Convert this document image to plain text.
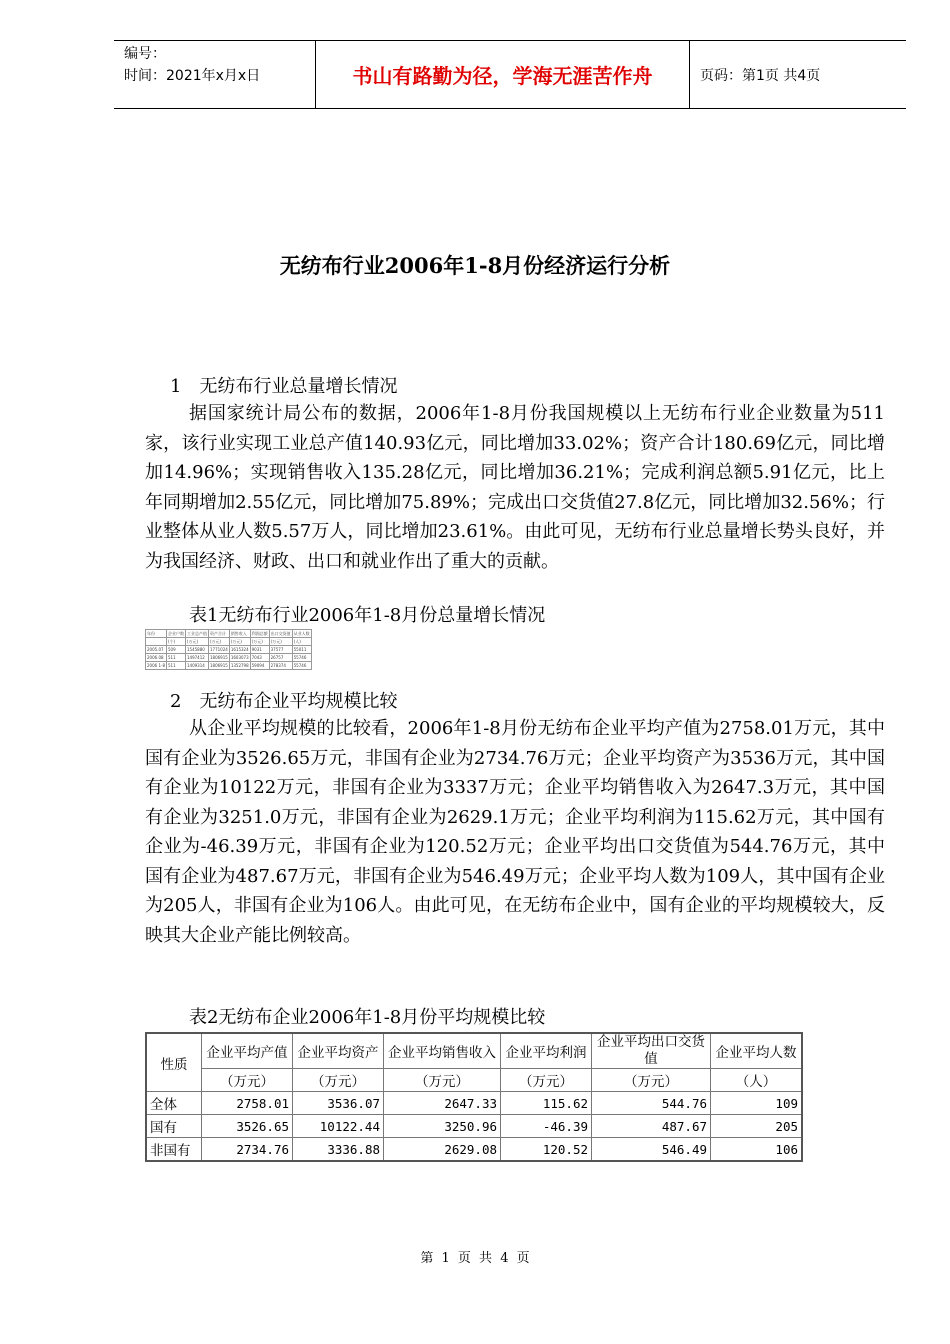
编号：
时间：2021年x月x日	书山有路勤为径，学海无涯苦作舟	页码：第1页 共4页
无纺布行业2006年1-8月份经济运行分析
1　无纺布行业总量增长情况
据国家统计局公布的数据，2006年1-8月份我国规模以上无纺布行业企业数量为511家，该行业实现工业总产值140.93亿元，同比增加33.02%；资产合计180.69亿元，同比增加14.96%；实现销售收入135.28亿元，同比增加36.21%；完成利润总额5.91亿元，比上年同期增加2.55亿元，同比增加75.89%；完成出口交货值27.8亿元，同比增加32.56%；行业整体从业人数5.57万人，同比增加23.61%。由此可见，无纺布行业总量增长势头良好，并为我国经济、财政、出口和就业作出了重大的贡献。
表1无纺布行业2006年1-8月份总量增长情况
年份	企业户数	工业总产值	资产合计	销售收入	利润总额	出口交货值	从业人数
	(个)	(万元)	(万元)	(万元)	(万元)	(万元)	(人)
2005.07	509	1545880	1771024	1615324	9031	37577	55011
2006.08	511	1497412	1806915	1603073	7043	26757	55746
2006 1-8	511	1409314	1806915	1352798	59094	278374	55746
2　无纺布企业平均规模比较
从企业平均规模的比较看，2006年1-8月份无纺布企业平均产值为2758.01万元，其中国有企业为3526.65万元，非国有企业为2734.76万元；企业平均资产为3536万元，其中国有企业为10122万元，非国有企业为3337万元；企业平均销售收入为2647.3万元，其中国有企业为3251.0万元，非国有企业为2629.1万元；企业平均利润为115.62万元，其中国有企业为-46.39万元，非国有企业为120.52万元；企业平均出口交货值为544.76万元，其中国有企业为487.67万元，非国有企业为546.49万元；企业平均人数为109人，其中国有企业为205人，非国有企业为106人。由此可见，在无纺布企业中，国有企业的平均规模较大，反映其大企业产能比例较高。
表2无纺布企业2006年1-8月份平均规模比较
性质	企业平均产值	企业平均资产	企业平均销售收入	企业平均利润	企业平均出口交货值	企业平均人数
	（万元）	（万元）	（万元）	（万元）	（万元）	（人）
全体	2758.01	3536.07	2647.33	115.62	544.76	109
国有	3526.65	10122.44	3250.96	-46.39	487.67	205
非国有	2734.76	3336.88	2629.08	120.52	546.49	106
第 1 页 共 4 页
